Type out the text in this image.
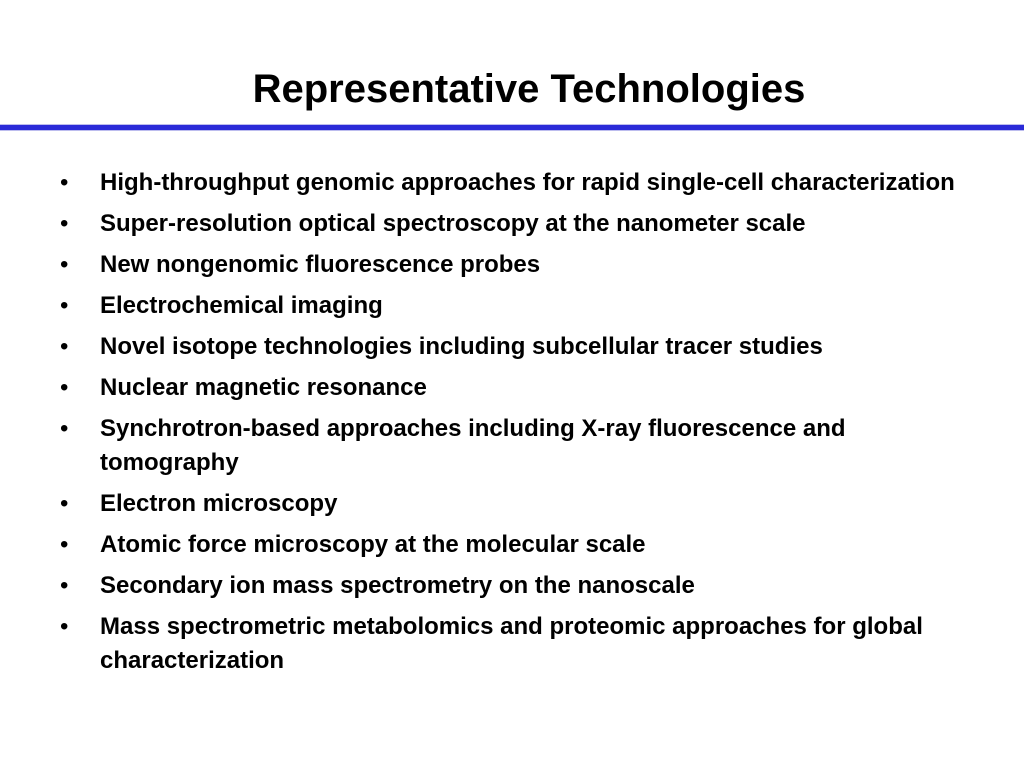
Representative Technologies
• High-throughput genomic approaches for rapid single-cell characterization
• Super-resolution optical spectroscopy at the nanometer scale
• New nongenomic fluorescence probes
• Electrochemical imaging
• Novel isotope technologies including subcellular tracer studies
• Nuclear magnetic resonance
• Synchrotron-based approaches including X-ray fluorescence and tomography
• Electron microscopy
• Atomic force microscopy at the molecular scale
• Secondary ion mass spectrometry on the nanoscale
• Mass spectrometric metabolomics and proteomic approaches for global characterization
